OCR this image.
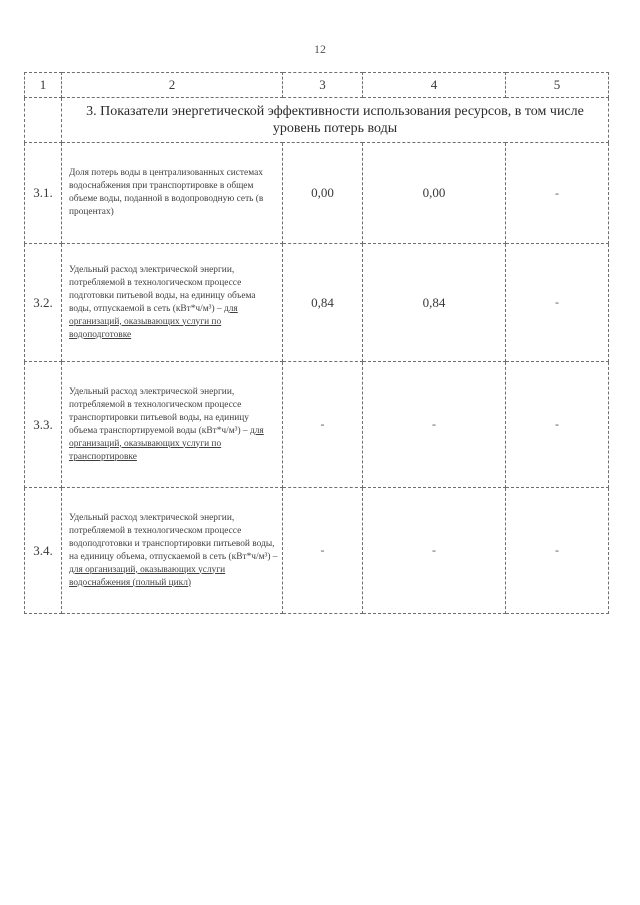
12
1	2	3	4	5
	3. Показатели энергетической эффективности использования ресурсов, в том числе уровень потерь воды			
3.1.	Доля потерь воды в централизованных системах водоснабжения при транспортировке в общем объеме воды, поданной в водопроводную сеть (в процентах)	0,00	0,00	-
3.2.	Удельный расход электрической энергии, потребляемой в технологическом процессе подготовки питьевой воды, на единицу объема воды, отпускаемой в сеть (кВт*ч/м³) – для организаций, оказывающих услуги по водоподготовке	0,84	0,84	-
3.3.	Удельный расход электрической энергии, потребляемой в технологическом процессе транспортировки питьевой воды, на единицу объема транспортируемой воды (кВт*ч/м³) – для организаций, оказывающих услуги по транспортировке	-	-	-
3.4.	Удельный расход электрической энергии, потребляемой в технологическом процессе водоподготовки и транспортировки питьевой воды, на единицу объема, отпускаемой в сеть (кВт*ч/м³) – для организаций, оказывающих услуги водоснабжения (полный цикл)	-	-	-
